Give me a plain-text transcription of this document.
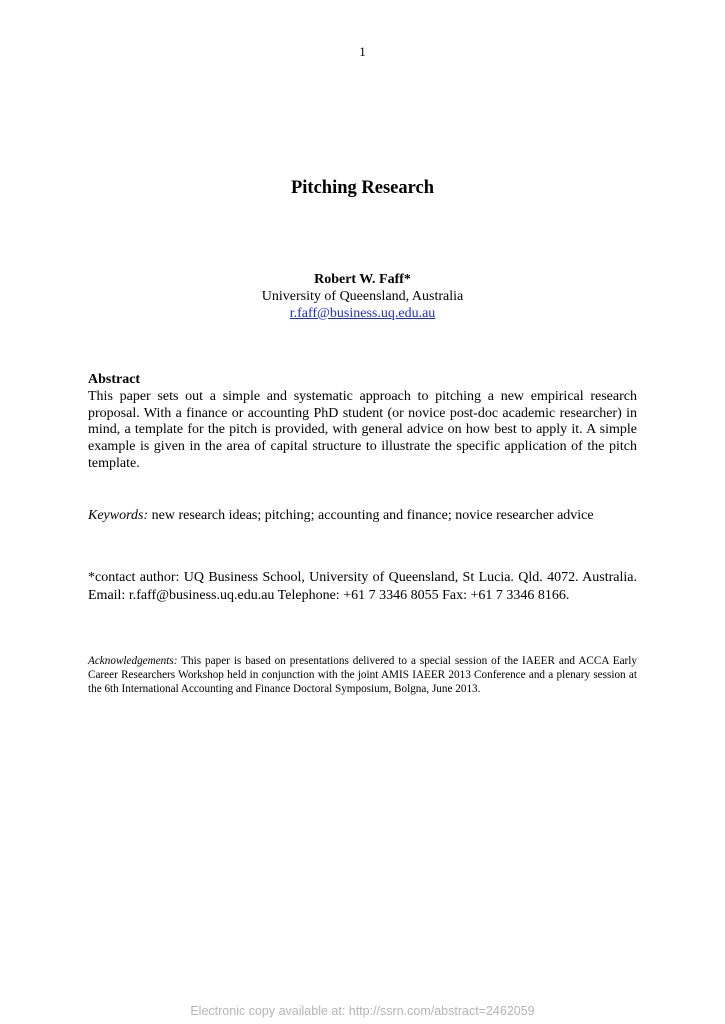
1
Pitching Research
Robert W. Faff*
University of Queensland, Australia
r.faff@business.uq.edu.au
Abstract
This paper sets out a simple and systematic approach to pitching a new empirical research proposal. With a finance or accounting PhD student (or novice post-doc academic researcher) in mind, a template for the pitch is provided, with general advice on how best to apply it. A simple example is given in the area of capital structure to illustrate the specific application of the pitch template.
Keywords: new research ideas; pitching; accounting and finance; novice researcher advice
*contact author: UQ Business School, University of Queensland, St Lucia. Qld. 4072. Australia. Email: r.faff@business.uq.edu.au Telephone: +61 7 3346 8055 Fax: +61 7 3346 8166.
Acknowledgements: This paper is based on presentations delivered to a special session of the IAEER and ACCA Early Career Researchers Workshop held in conjunction with the joint AMIS IAEER 2013 Conference and a plenary session at the 6th International Accounting and Finance Doctoral Symposium, Bolgna, June 2013.
Electronic copy available at: http://ssrn.com/abstract=2462059
